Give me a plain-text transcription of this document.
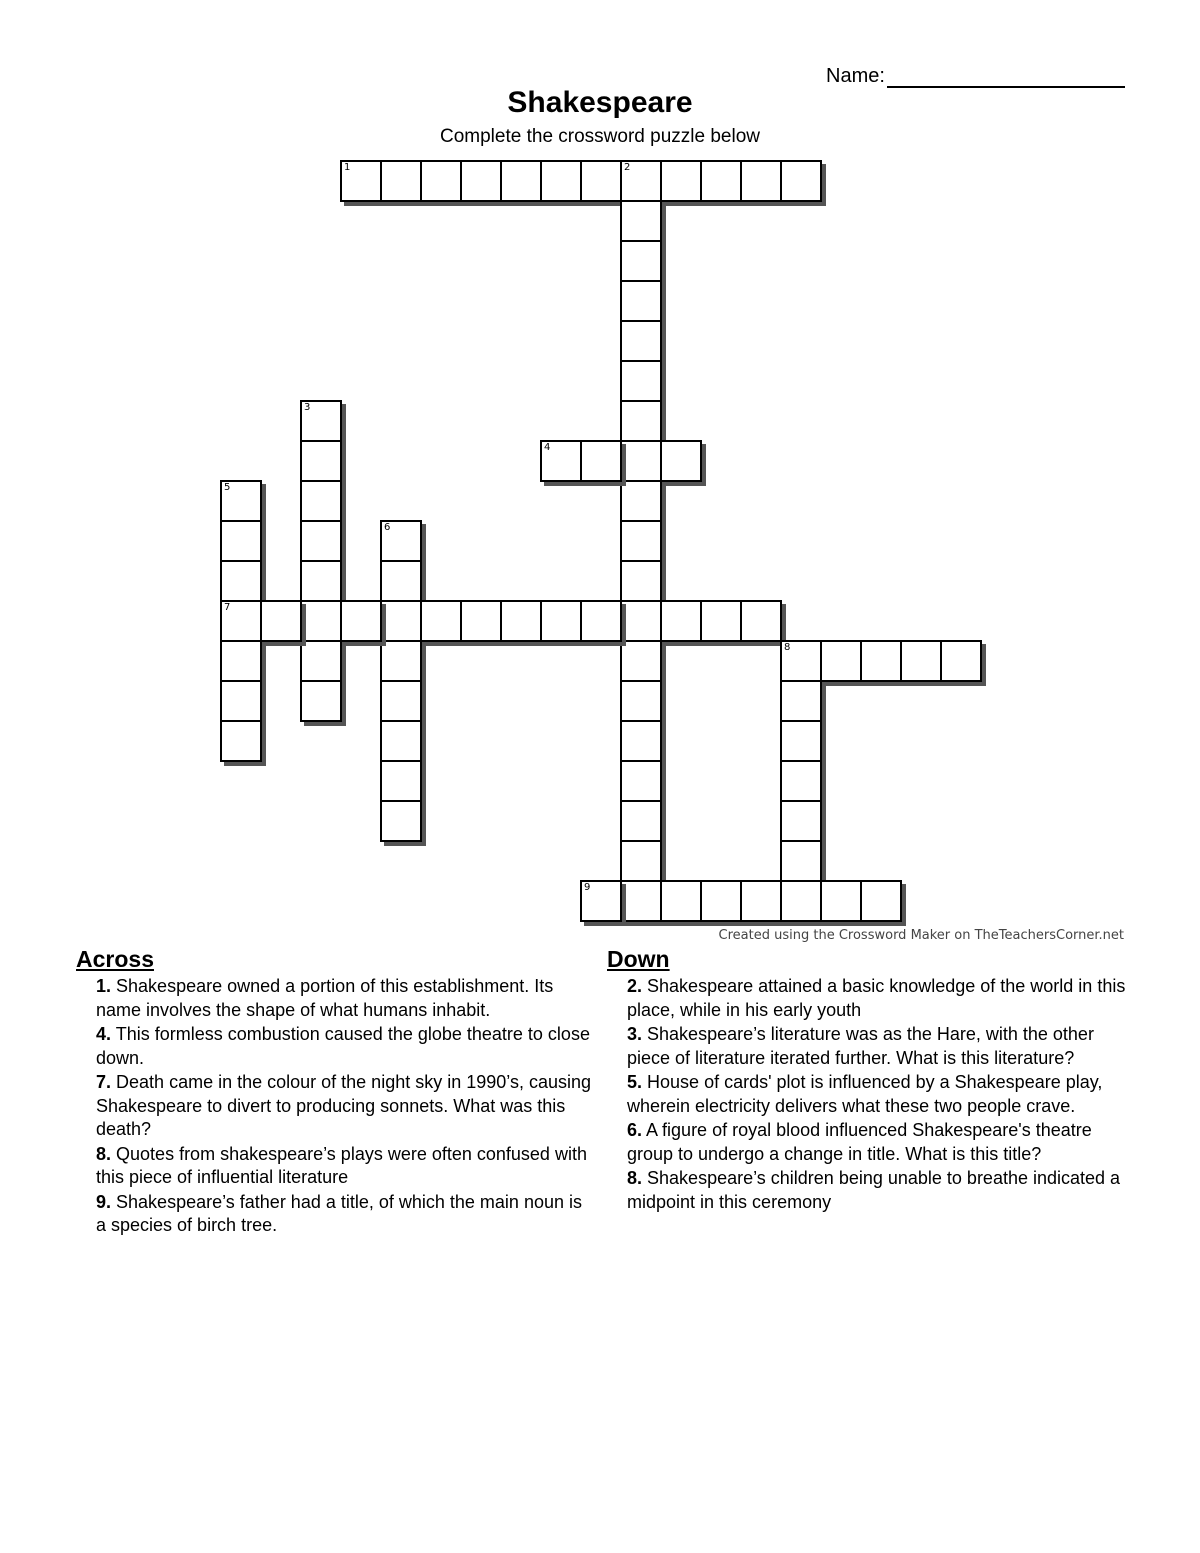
Name:
Shakespeare
Complete the crossword puzzle below
1	2
3
4
5
7
6
8
9
Created using the Crossword Maker on TheTeachersCorner.net
Across
1. Shakespeare owned a portion of this establishment. Its name involves the shape of what humans inhabit.
4. This formless combustion caused the globe theatre to close down.
7. Death came in the colour of the night sky in 1990’s, causing Shakespeare to divert to producing sonnets. What was this death?
8. Quotes from shakespeare’s plays were often confused with this piece of influential literature
9. Shakespeare’s father had a title, of which the main noun is a species of birch tree.
Down
2. Shakespeare attained a basic knowledge of the world in this place, while in his early youth
3. Shakespeare’s literature was as the Hare, with the other piece of literature iterated further. What is this literature?
5. House of cards' plot is influenced by a Shakespeare play, wherein electricity delivers what these two people crave.
6. A figure of royal blood influenced Shakespeare's theatre group to undergo a change in title. What is this title?
8. Shakespeare’s children being unable to breathe indicated a midpoint in this ceremony
